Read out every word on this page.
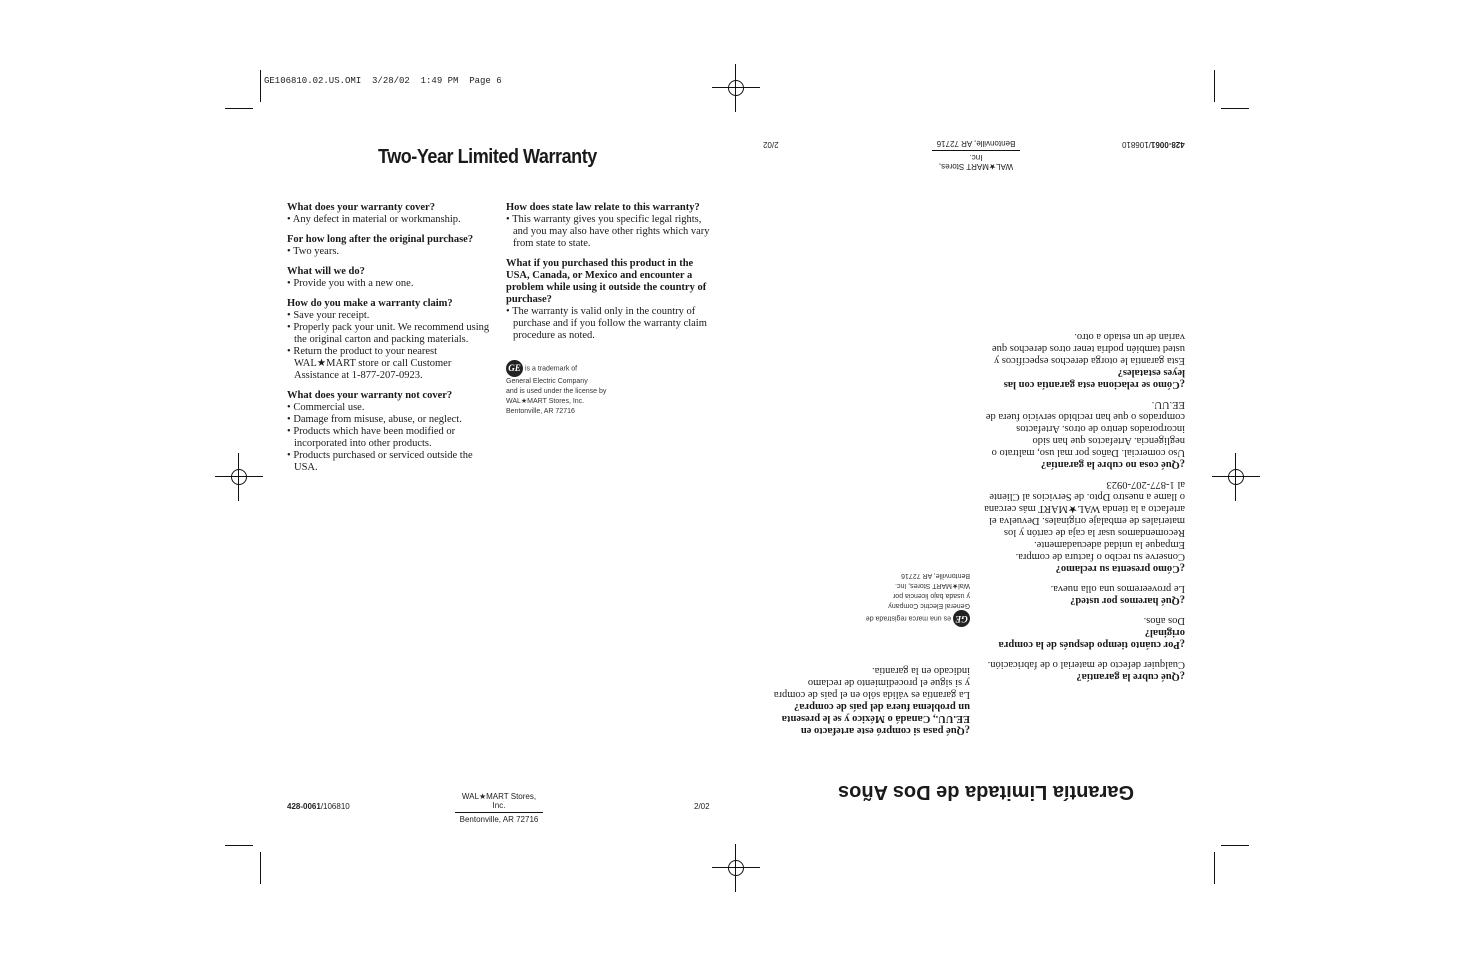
GE106810.02.US.OMI  3/28/02  1:49 PM  Page 6
Two-Year Limited Warranty
What does your warranty cover?
• Any defect in material or workmanship.
For how long after the original purchase?
• Two years.
What will we do?
• Provide you with a new one.
How do you make a warranty claim?
• Save your receipt.
• Properly pack your unit. We recommend using the original carton and packing materials.
• Return the product to your nearest WAL★MART store or call Customer Assistance at 1-877-207-0923.
What does your warranty not cover?
• Commercial use.
• Damage from misuse, abuse, or neglect.
• Products which have been modified or incorporated into other products.
• Products purchased or serviced outside the USA.
How does state law relate to this warranty?
• This warranty gives you specific legal rights, and you may also have other rights which vary from state to state.
What if you purchased this product in the USA, Canada, or Mexico and encounter a problem while using it outside the country of purchase?
• The warranty is valid only in the country of purchase and if you follow the warranty claim procedure as noted.
GE is a trademark of
General Electric Company
and is used under the license by
WAL★MART Stores, Inc.
Bentonville, AR 72716
428-0061/106810
WAL★MART Stores, Inc.
Bentonville, AR 72716
2/02
428-0061/106810
WAL★MART Stores, Inc.
Bentonville, AR 72716
2/02
¿Qué cubre la garantía?
Cualquier defecto de material o de fabricación.
¿Por cuánto tiempo después de la compra original?
Dos años.
¿Qué haremos por usted?
Le proveeremos una olla nueva.
¿Cómo presenta su reclamo?
Conserve su recibo o factura de compra. Empaque la unidad adecuadamente. Recomendamos usar la caja de cartón y los materiales de embalaje originales. Devuelva el artefacto a la tienda WAL★MART más cercana o llame a nuestro Dpto. de Servicios al Cliente al 1-877-207-0923
¿Qué cosa no cubre la garantía?
Uso comercial. Daños por mal uso, maltrato o negligencia. Artefactos que han sido incorporados dentro de otros. Artefactos comprados o que han recibido servicio fuera de EE.UU.
¿Cómo se relaciona esta garantía con las leyes estatales?
Esta garantía le otorga derechos específicos y usted también podría tener otros derechos que varían de un estado a otro.
¿Qué pasa si compró este artefacto en EE.UU., Canadá o México y se le presenta un problema fuera del país de compra?
La garantía es válida sólo en el país de compra y si sigue el procedimiento de reclamo indicado en la garantía.
GEes una marca registrada de
General Electric Company
y usada bajo licencia por
Wal★MART Stores, Inc.
Bentonville, AR 72716
Garantía Limitada de Dos Años
